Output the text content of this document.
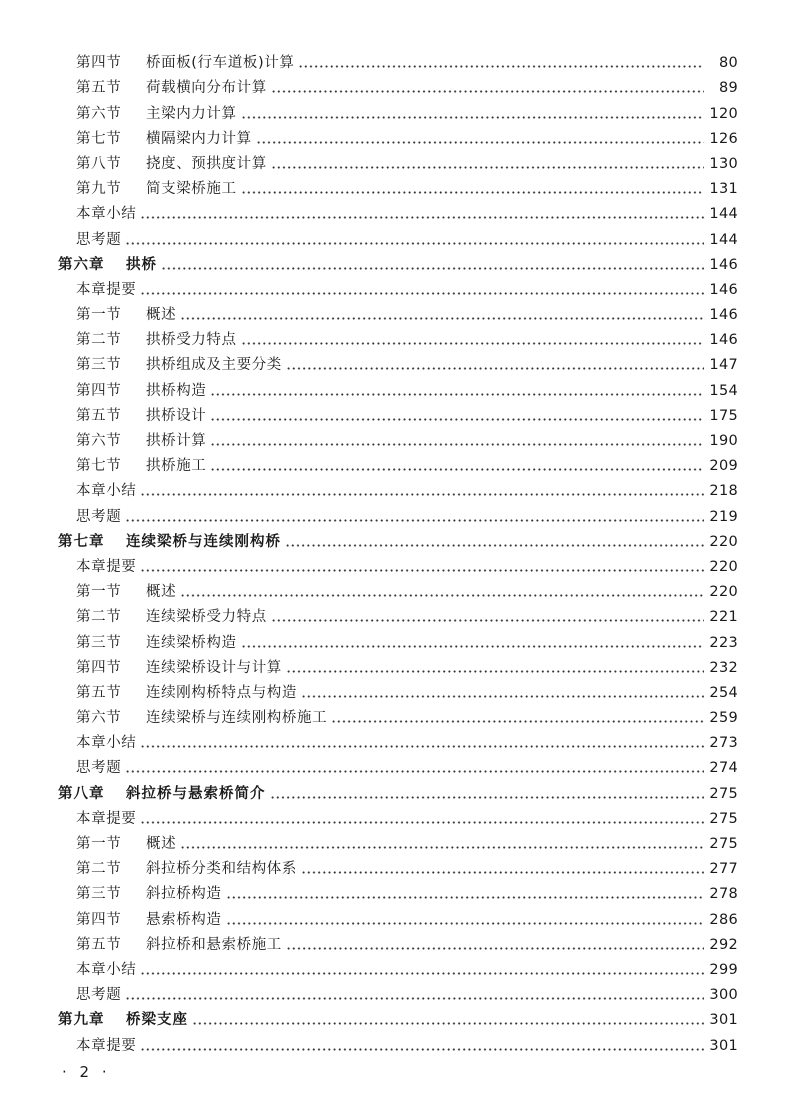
第四节 桥面板(行车道板)计算	80
第五节 荷载横向分布计算	89
第六节 主梁内力计算	120
第七节 横隔梁内力计算	126
第八节 挠度、预拱度计算	130
第九节 简支梁桥施工	131
本章小结	144
思考题	144
第六章 拱桥	146
本章提要	146
第一节 概述	146
第二节 拱桥受力特点	146
第三节 拱桥组成及主要分类	147
第四节 拱桥构造	154
第五节 拱桥设计	175
第六节 拱桥计算	190
第七节 拱桥施工	209
本章小结	218
思考题	219
第七章 连续梁桥与连续刚构桥	220
本章提要	220
第一节 概述	220
第二节 连续梁桥受力特点	221
第三节 连续梁桥构造	223
第四节 连续梁桥设计与计算	232
第五节 连续刚构桥特点与构造	254
第六节 连续梁桥与连续刚构桥施工	259
本章小结	273
思考题	274
第八章 斜拉桥与悬索桥简介	275
本章提要	275
第一节 概述	275
第二节 斜拉桥分类和结构体系	277
第三节 斜拉桥构造	278
第四节 悬索桥构造	286
第五节 斜拉桥和悬索桥施工	292
本章小结	299
思考题	300
第九章 桥梁支座	301
本章提要	301
· 2 ·
